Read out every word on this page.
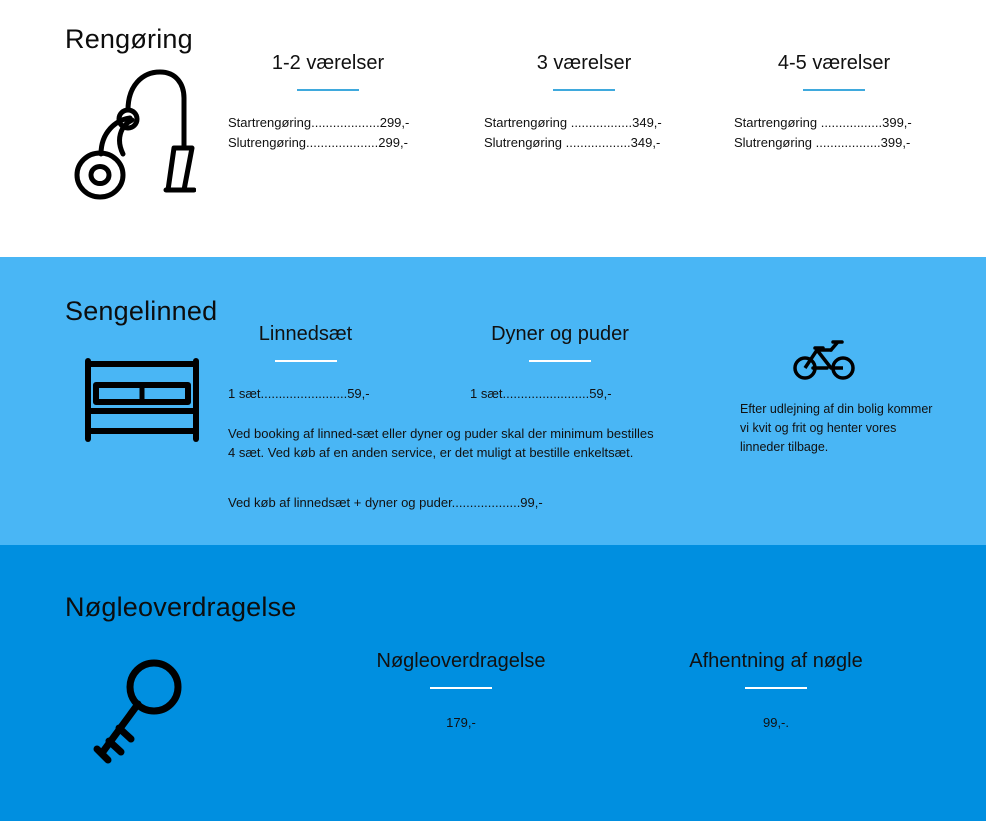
Rengøring
1-2 værelser
Startrengøring...................299,-
Slutrengøring....................299,-
3 værelser
Startrengøring .................349,-
Slutrengøring ..................349,-
4-5 værelser
Startrengøring .................399,-
Slutrengøring ..................399,-
Sengelinned
Linnedsæt
1 sæt........................59,-
Dyner og puder
1 sæt........................59,-
Ved booking af linned-sæt eller dyner og puder skal der minimum bestilles 4 sæt. Ved køb af en anden service, er det muligt at bestille enkeltsæt.
Ved køb af linnedsæt + dyner og puder...................99,-
Efter udlejning af din bolig kommer vi kvit og frit og henter vores linneder tilbage.
Nøgleoverdragelse
Nøgleoverdragelse
179,-
Afhentning af nøgle
99,-.
